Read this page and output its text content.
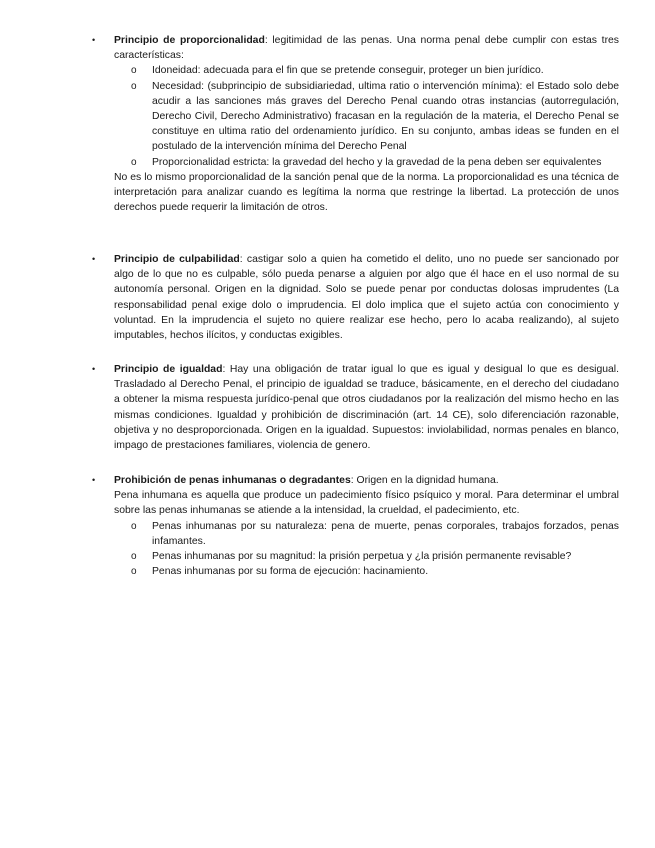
• Principio de proporcionalidad: legitimidad de las penas. Una norma penal debe cumplir con estas tres características:

o Idoneidad: adecuada para el fin que se pretende conseguir, proteger un bien jurídico.

o Necesidad: (subprincipio de subsidiariedad, ultima ratio o intervención mínima): el Estado solo debe acudir a las sanciones más graves del Derecho Penal cuando otras instancias (autorregulación, Derecho Civil, Derecho Administrativo) fracasan en la regulación de la materia, el Derecho Penal se constituye en ultima ratio del ordenamiento jurídico. En su conjunto, ambas ideas se funden en el postulado de la intervención mínima del Derecho Penal

o Proporcionalidad estricta: la gravedad del hecho y la gravedad de la pena deben ser equivalentes

No es lo mismo proporcionalidad de la sanción penal que de la norma. La proporcionalidad es una técnica de interpretación para analizar cuando es legítima la norma que restringe la libertad. La protección de unos derechos puede requerir la limitación de otros.

• Principio de culpabilidad: castigar solo a quien ha cometido el delito, uno no puede ser sancionado por algo de lo que no es culpable, sólo pueda penarse a alguien por algo que él hace en el uso normal de su autonomía personal. Origen en la dignidad. Solo se puede penar por conductas dolosas imprudentes (La responsabilidad penal exige dolo o imprudencia. El dolo implica que el sujeto actúa con conocimiento y voluntad. En la imprudencia el sujeto no quiere realizar ese hecho, pero lo acaba realizando), al sujeto imputables, hechos ilícitos, y conductas exigibles.

• Principio de igualdad: Hay una obligación de tratar igual lo que es igual y desigual lo que es desigual. Trasladado al Derecho Penal, el principio de igualdad se traduce, básicamente, en el derecho del ciudadano a obtener la misma respuesta jurídico-penal que otros ciudadanos por la realización del mismo hecho en las mismas condiciones. Igualdad y prohibición de discriminación (art. 14 CE), solo diferenciación razonable, objetiva y no desproporcionada. Origen en la igualdad. Supuestos: inviolabilidad, normas penales en blanco, impago de prestaciones familiares, violencia de genero.

• Prohibición de penas inhumanas o degradantes: Origen en la dignidad humana.

Pena inhumana es aquella que produce un padecimiento físico psíquico y moral. Para determinar el umbral sobre las penas inhumanas se atiende a la intensidad, la crueldad, el padecimiento, etc.

o Penas inhumanas por su naturaleza: pena de muerte, penas corporales, trabajos forzados, penas infamantes.

o Penas inhumanas por su magnitud: la prisión perpetua y ¿la prisión permanente revisable?

o Penas inhumanas por su forma de ejecución: hacinamiento.
